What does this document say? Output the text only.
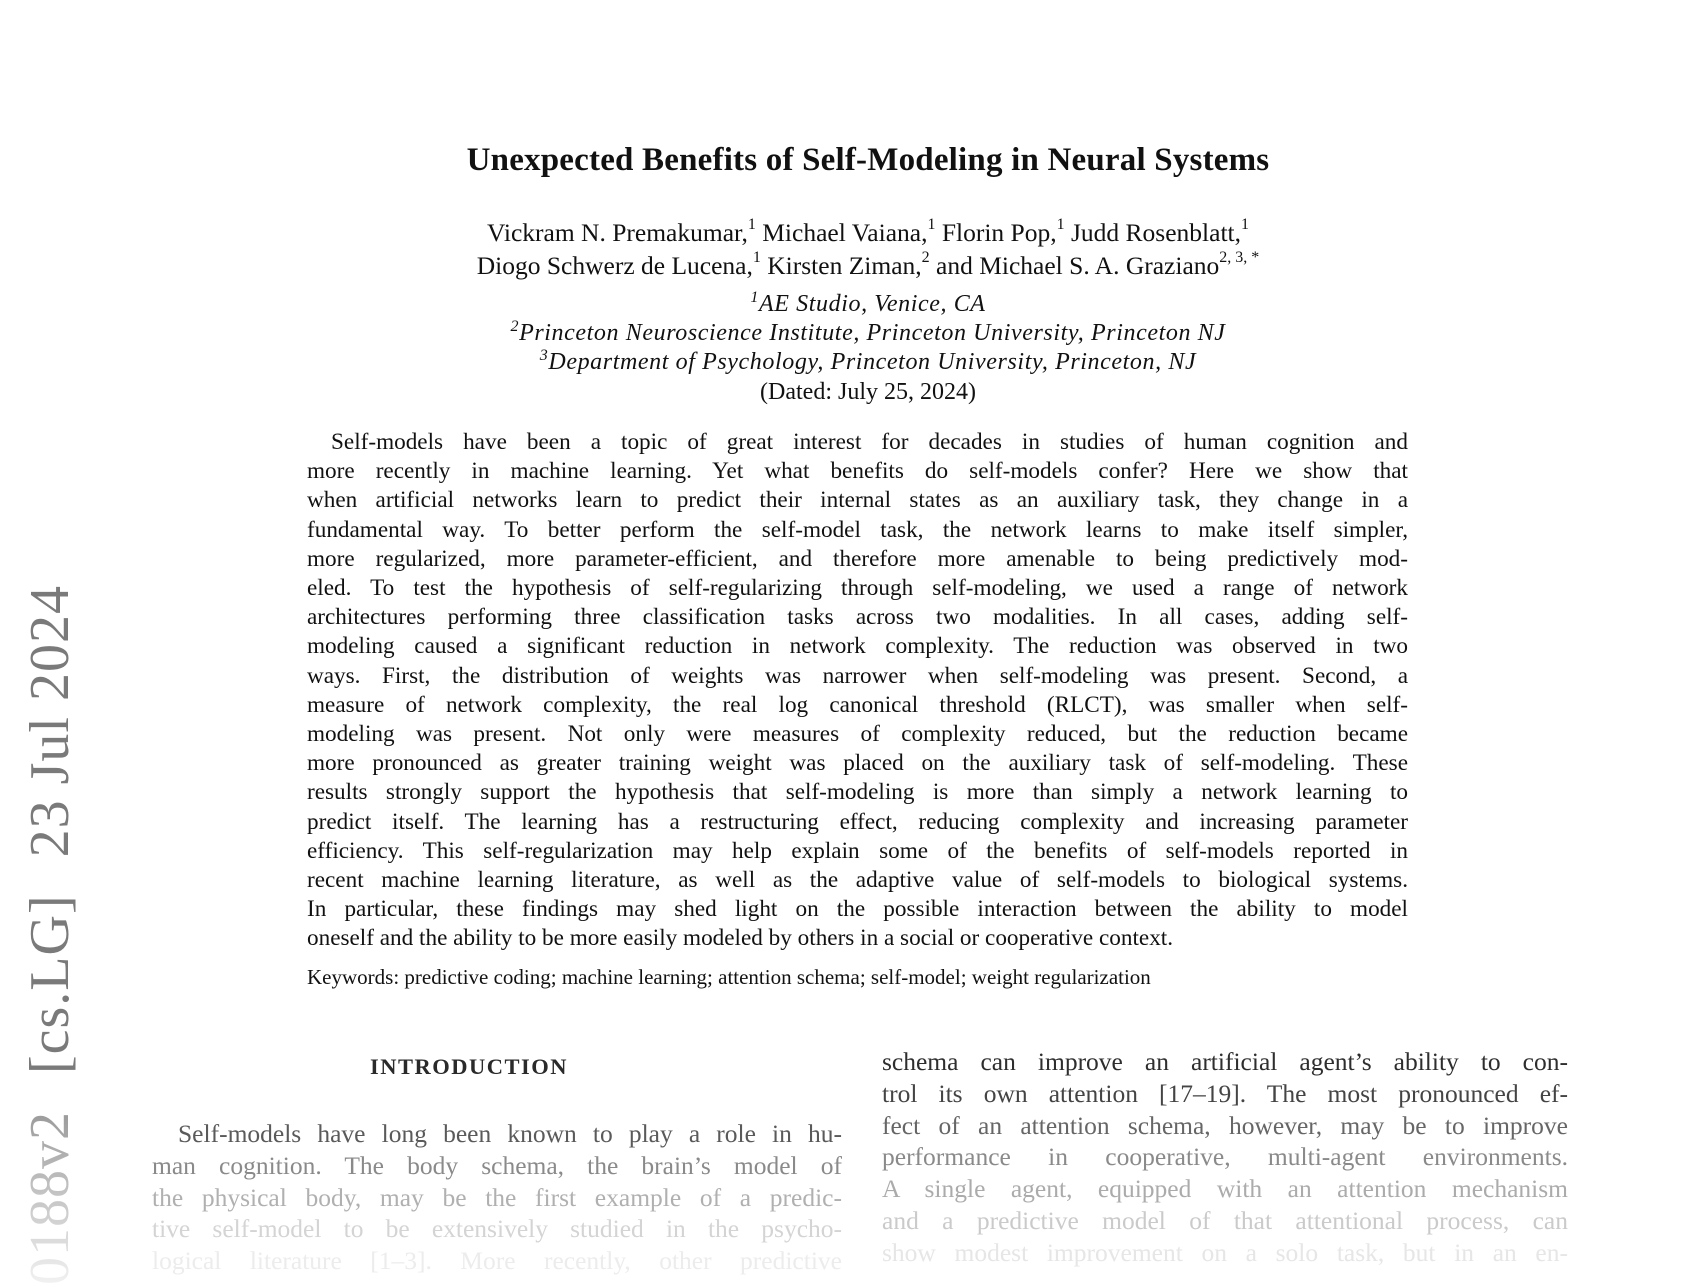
Unexpected Benefits of Self-Modeling in Neural Systems
Vickram N. Premakumar,$^1$ Michael Vaiana,$^1$ Florin Pop,$^1$ Judd Rosenblatt,$^1$
Diogo Schwerz de Lucena,$^1$ Kirsten Ziman,$^2$ and Michael S. A. Graziano$^{2, 3, *}$
$^1$AE Studio, Venice, CA
$^2$Princeton Neuroscience Institute, Princeton University, Princeton NJ
$^3$Department of Psychology, Princeton University, Princeton, NJ
(Dated: July 25, 2024)
Self-models have been a topic of great interest for decades in studies of human cognition and
more recently in machine learning. Yet what benefits do self-models confer? Here we show that
when artificial networks learn to predict their internal states as an auxiliary task, they change in a
fundamental way. To better perform the self-model task, the network learns to make itself simpler,
more regularized, more parameter-efficient, and therefore more amenable to being predictively mod-
eled. To test the hypothesis of self-regularizing through self-modeling, we used a range of network
architectures performing three classification tasks across two modalities. In all cases, adding self-
modeling caused a significant reduction in network complexity. The reduction was observed in two
ways. First, the distribution of weights was narrower when self-modeling was present. Second, a
measure of network complexity, the real log canonical threshold (RLCT), was smaller when self-
modeling was present. Not only were measures of complexity reduced, but the reduction became
more pronounced as greater training weight was placed on the auxiliary task of self-modeling. These
results strongly support the hypothesis that self-modeling is more than simply a network learning to
predict itself. The learning has a restructuring effect, reducing complexity and increasing parameter
efficiency. This self-regularization may help explain some of the benefits of self-models reported in
recent machine learning literature, as well as the adaptive value of self-models to biological systems.
In particular, these findings may shed light on the possible interaction between the ability to model
oneself and the ability to be more easily modeled by others in a social or cooperative context.
Keywords: predictive coding; machine learning; attention schema; self-model; weight regularization
INTRODUCTION
Self-models have long been known to play a role in hu-
man cognition. The body schema, the brain’s model of
the physical body, may be the first example of a predic-
tive self-model to be extensively studied in the psycho-
logical literature [1–3]. More recently, other predictive
schema can improve an artificial agent’s ability to con-
trol its own attention [17–19]. The most pronounced ef-
fect of an attention schema, however, may be to improve
performance in cooperative, multi-agent environments.
A single agent, equipped with an attention mechanism
and a predictive model of that attentional process, can
show modest improvement on a solo task, but in an en-
0188v2 [cs.LG] 23 Jul 2024
